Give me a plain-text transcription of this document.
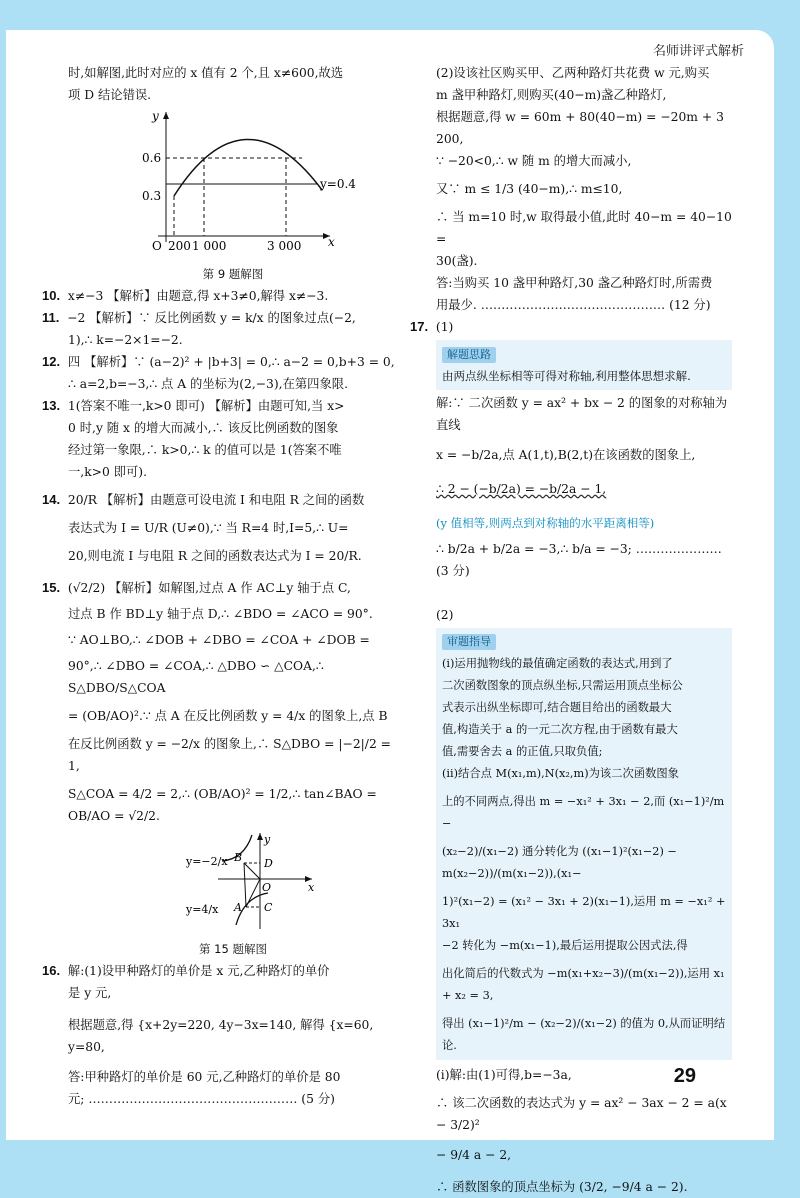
名师讲评式解析

时,如解图,此时对应的 x 值有 2 个,且 x≠600,故选

项 D 结论错误.

y
x
O
0.6
0.3
200 1 000	3 000
y=0.4

第 9 题解图

10. x≠−3 【解析】由题意,得 x+3≠0,解得 x≠−3.

11. −2 【解析】∵ 反比例函数 y = k/x 的图象过点(−2,

1),∴ k=−2×1=−2.

12. 四 【解析】∵ (a−2)² + |b+3| = 0,∴ a−2 = 0,b+3 = 0,

∴ a=2,b=−3,∴ 点 A 的坐标为(2,−3),在第四象限.

13. 1(答案不唯一,k>0 即可) 【解析】由题可知,当 x>

0 时,y 随 x 的增大而减小,∴ 该反比例函数的图象

经过第一象限,∴ k>0,∴ k 的值可以是 1(答案不唯

一,k>0 即可).

14. 20/R 【解析】由题意可设电流 I 和电阻 R 之间的函数

表达式为 I = U/R (U≠0),∵ 当 R=4 时,I=5,∴ U=

20,则电流 I 与电阻 R 之间的函数表达式为 I = 20/R.

15. (√2/2) 【解析】如解图,过点 A 作 AC⊥y 轴于点 C,

过点 B 作 BD⊥y 轴于点 D,∴ ∠BDO = ∠ACO = 90°.

∵ AO⊥BO,∴ ∠DOB + ∠DBO = ∠COA + ∠DOB =

90°,∴ ∠DBO = ∠COA,∴ △DBO ∽ △COA,∴ S△DBO/S△COA

= (OB/AO)².∵ 点 A 在反比例函数 y = 4/x 的图象上,点 B

在反比例函数 y = −2/x 的图象上,∴ S△DBO = |−2|/2 = 1,

S△COA = 4/2 = 2,∴ (OB/AO)² = 1/2,∴ tan∠BAO = OB/AO = √2/2.

y
x
y=−2/x
y=4/x
B D
O
A C

第 15 题解图

16. 解:(1)设甲种路灯的单价是 x 元,乙种路灯的单价

是 y 元,

根据题意,得 {x+2y=220, 4y−3x=140, 解得 {x=60, y=80,

答:甲种路灯的单价是 60 元,乙种路灯的单价是 80

元; …………………………………………… (5 分)

(2)设该社区购买甲、乙两种路灯共花费 w 元,购买

m 盏甲种路灯,则购买(40−m)盏乙种路灯,

根据题意,得 w = 60m + 80(40−m) = −20m + 3 200,

∵ −20<0,∴ w 随 m 的增大而减小,

又∵ m ≤ 1/3 (40−m),∴ m≤10,

∴ 当 m=10 时,w 取得最小值,此时 40−m = 40−10 =

30(盏).

答:当购买 10 盏甲种路灯,30 盏乙种路灯时,所需费

用最少. ……………………………………… (12 分)

17. (1)

解题思路

由两点纵坐标相等可得对称轴,利用整体思想求解.

解:∵ 二次函数 y = ax² + bx − 2 的图象的对称轴为直线

x = −b/2a,点 A(1,t),B(2,t)在该函数的图象上,

∴ 2 − (−b/2a) = −b/2a − 1,

(y 值相等,则两点到对称轴的水平距离相等)

∴ b/2a + b/2a = −3,∴ b/a = −3; ………………… (3 分)

(2)

审题指导

(ⅰ)运用抛物线的最值确定函数的表达式,用到了

二次函数图象的顶点纵坐标,只需运用顶点坐标公

式表示出纵坐标即可,结合题目给出的函数最大

值,构造关于 a 的一元二次方程,由于函数有最大

值,需要舍去 a 的正值,只取负值;

(ⅱ)结合点 M(x₁,m),N(x₂,m)为该二次函数图象

上的不同两点,得出 m = −x₁² + 3x₁ − 2,而 (x₁−1)²/m −

(x₂−2)/(x₁−2) 通分转化为 ((x₁−1)²(x₁−2) − m(x₂−2))/(m(x₁−2)),(x₁−

1)²(x₁−2) = (x₁² − 3x₁ + 2)(x₁−1),运用 m = −x₁² + 3x₁

−2 转化为 −m(x₁−1),最后运用提取公因式法,得

出化简后的代数式为 −m(x₁+x₂−3)/(m(x₁−2)),运用 x₁ + x₂ = 3,

得出 (x₁−1)²/m − (x₂−2)/(x₁−2) 的值为 0,从而证明结论.

(ⅰ)解:由(1)可得,b=−3a,

∴ 该二次函数的表达式为 y = ax² − 3ax − 2 = a(x − 3/2)²

− 9/4 a − 2,

∴ 函数图象的顶点坐标为 (3/2, −9/4 a − 2).

29
